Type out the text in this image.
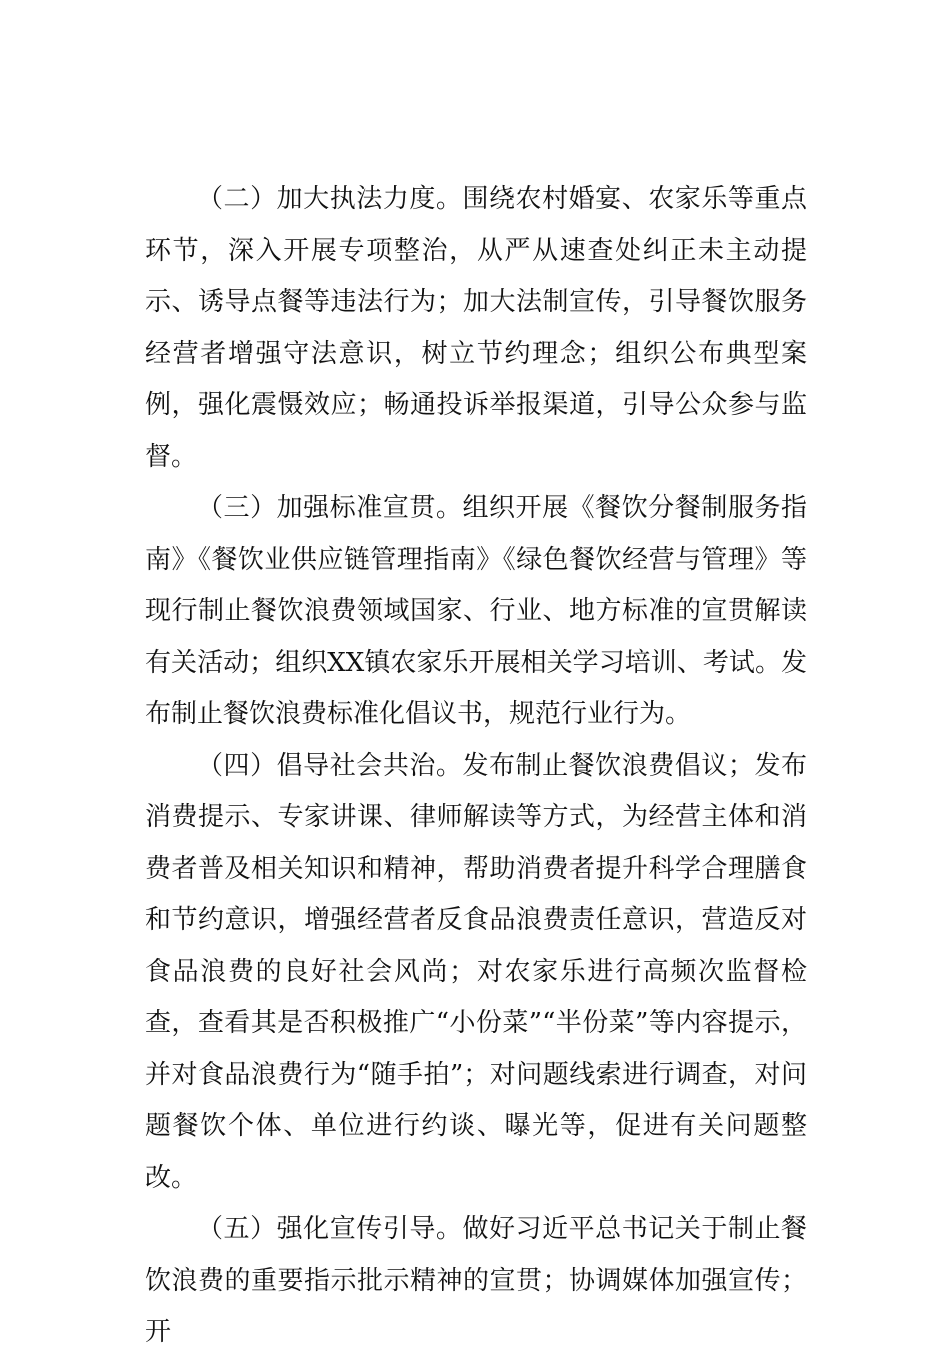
（二）加大执法力度。围绕农村婚宴、农家乐等重点环节，深入开展专项整治，从严从速查处纠正未主动提示、诱导点餐等违法行为；加大法制宣传，引导餐饮服务经营者增强守法意识，树立节约理念；组织公布典型案例，强化震慑效应；畅通投诉举报渠道，引导公众参与监督。

（三）加强标准宣贯。组织开展《餐饮分餐制服务指南》《餐饮业供应链管理指南》《绿色餐饮经营与管理》等现行制止餐饮浪费领域国家、行业、地方标准的宣贯解读有关活动；组织XX镇农家乐开展相关学习培训、考试。发布制止餐饮浪费标准化倡议书，规范行业行为。

（四）倡导社会共治。发布制止餐饮浪费倡议；发布消费提示、专家讲课、律师解读等方式，为经营主体和消费者普及相关知识和精神，帮助消费者提升科学合理膳食和节约意识，增强经营者反食品浪费责任意识，营造反对食品浪费的良好社会风尚；对农家乐进行高频次监督检查，查看其是否积极推广“小份菜”“半份菜”等内容提示，并对食品浪费行为“随手拍”；对问题线索进行调查，对问题餐饮个体、单位进行约谈、曝光等，促进有关问题整改。

（五）强化宣传引导。做好习近平总书记关于制止餐饮浪费的重要指示批示精神的宣贯；协调媒体加强宣传；开
